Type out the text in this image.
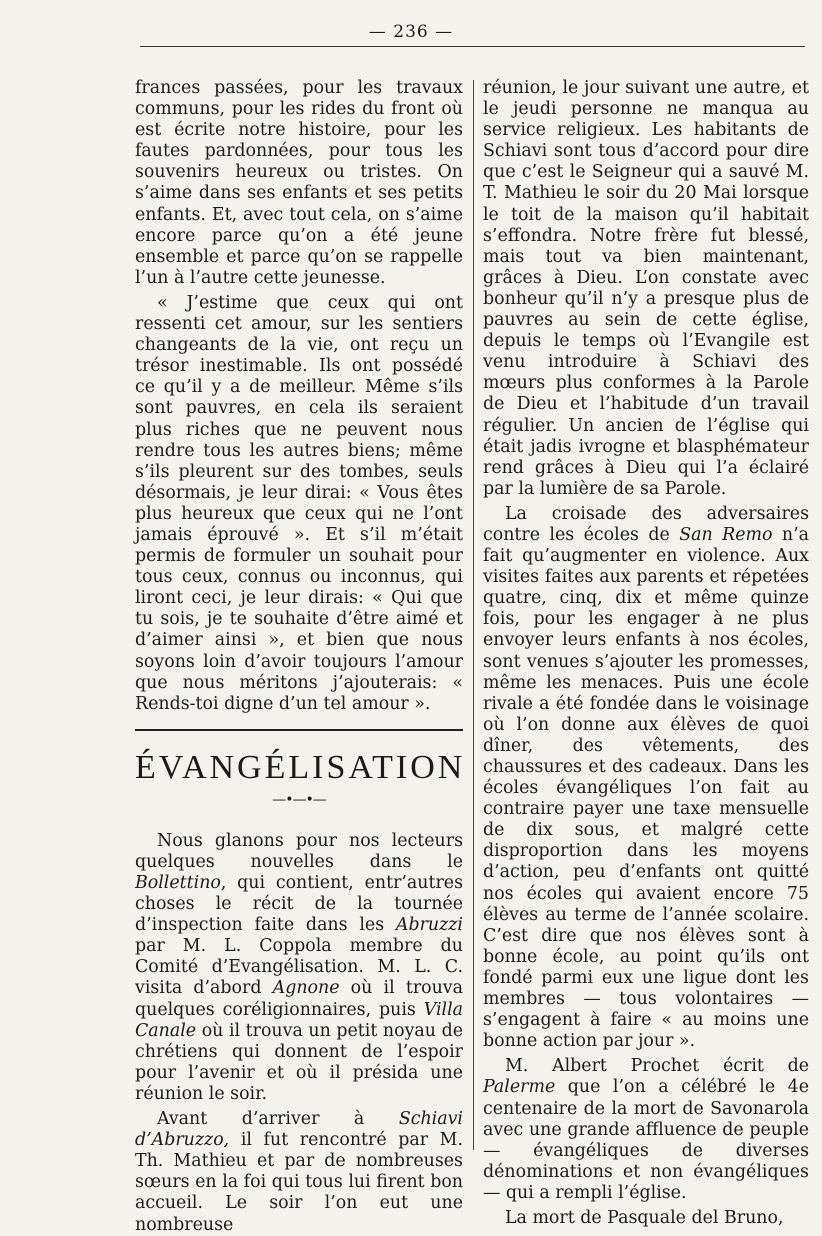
— 236 —

frances passées, pour les travaux communs, pour les rides du front où est écrite notre histoire, pour les fautes pardonnées, pour tous les souvenirs heureux ou tristes. On s’aime dans ses enfants et ses petits enfants. Et, avec tout cela, on s’aime encore parce qu’on a été jeune ensemble et parce qu’on se rappelle l’un à l’autre cette jeunesse.

« J’estime que ceux qui ont ressenti cet amour, sur les sentiers changeants de la vie, ont reçu un trésor inestimable. Ils ont possédé ce qu’il y a de meilleur. Même s’ils sont pauvres, en cela ils seraient plus riches que ne peuvent nous rendre tous les autres biens; même s’ils pleurent sur des tombes, seuls désormais, je leur dirai: « Vous êtes plus heureux que ceux qui ne l’ont jamais éprouvé ». Et s’il m’était permis de formuler un souhait pour tous ceux, connus ou inconnus, qui liront ceci, je leur dirais: « Qui que tu sois, je te souhaite d’être aimé et d’aimer ainsi », et bien que nous soyons loin d’avoir toujours l’amour que nous méritons j’ajouterais: « Rends-toi digne d’un tel amour ».

ÉVANGÉLISATION
—•—•—

Nous glanons pour nos lecteurs quelques nouvelles dans le Bollettino, qui contient, entr’autres choses le récit de la tournée d’inspection faite dans les Abruzzi par M. L. Coppola membre du Comité d’Evangélisation. M. L. C. visita d’abord Agnone où il trouva quelques coréligionnaires, puis Villa Canale où il trouva un petit noyau de chrétiens qui donnent de l’espoir pour l’avenir et où il présida une réunion le soir.

Avant d’arriver à Schiavi d’Abruzzo, il fut rencontré par M. Th. Mathieu et par de nombreuses sœurs en la foi qui tous lui firent bon accueil. Le soir l’on eut une nombreuse

réunion, le jour suivant une autre, et le jeudi personne ne manqua au service religieux. Les habitants de Schiavi sont tous d’accord pour dire que c’est le Seigneur qui a sauvé M. T. Mathieu le soir du 20 Mai lorsque le toit de la maison qu’il habitait s’effondra. Notre frère fut blessé, mais tout va bien maintenant, grâces à Dieu. L’on constate avec bonheur qu’il n’y a presque plus de pauvres au sein de cette église, depuis le temps où l’Evangile est venu introduire à Schiavi des mœurs plus conformes à la Parole de Dieu et l’habitude d’un travail régulier. Un ancien de l’église qui était jadis ivrogne et blasphémateur rend grâces à Dieu qui l’a éclairé par la lumière de sa Parole.

La croisade des adversaires contre les écoles de San Remo n’a fait qu’augmenter en violence. Aux visites faites aux parents et répetées quatre, cinq, dix et même quinze fois, pour les engager à ne plus envoyer leurs enfants à nos écoles, sont venues s’ajouter les promesses, même les menaces. Puis une école rivale a été fondée dans le voisinage où l’on donne aux élèves de quoi dîner, des vêtements, des chaussures et des cadeaux. Dans les écoles évangéliques l’on fait au contraire payer une taxe mensuelle de dix sous, et malgré cette disproportion dans les moyens d’action, peu d’enfants ont quitté nos écoles qui avaient encore 75 élèves au terme de l’année scolaire. C’est dire que nos élèves sont à bonne école, au point qu’ils ont fondé parmi eux une ligue dont les membres — tous volontaires — s’engagent à faire « au moins une bonne action par jour ».

M. Albert Prochet écrit de Palerme que l’on a célébré le 4e centenaire de la mort de Savonarola avec une grande affluence de peuple — évangéliques de diverses dénominations et non évangéliques — qui a rempli l’église.

La mort de Pasquale del Bruno,
